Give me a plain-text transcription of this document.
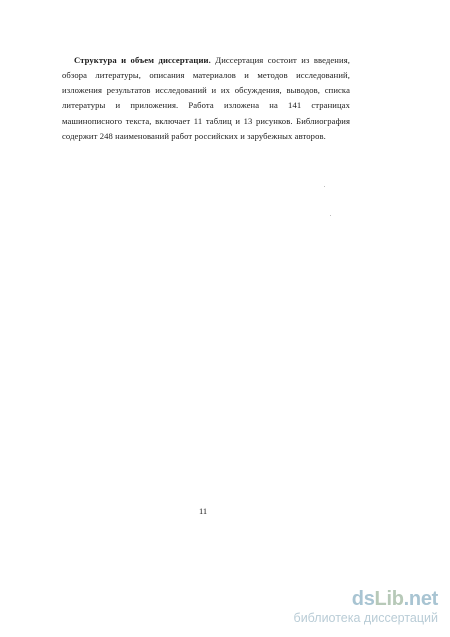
Структура и объем диссертации. Диссертация состоит из введения, обзора литературы, описания материалов и методов исследований, изложения результатов исследований и их обсуждения, выводов, списка литературы и приложения. Работа изложена на 141 страницах машинописного текста, включает 11 таблиц и 13 рисунков. Библиография содержит 248 наименований работ российских и зарубежных авторов.

11
dsLib.net
библиотека диссертаций
